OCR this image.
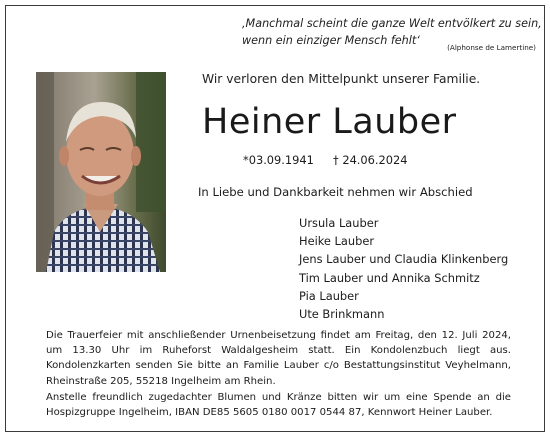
‚Manchmal scheint die ganze Welt entvölkert zu sein,
wenn ein einziger Mensch fehlt‘
(Alphonse de Lamertine)
Wir verloren den Mittelpunkt unserer Familie.
Heiner Lauber
*03.09.1941 † 24.06.2024
In Liebe und Dankbarkeit nehmen wir Abschied
Ursula Lauber
Heike Lauber
Jens Lauber und Claudia Klinkenberg
Tim Lauber und Annika Schmitz
Pia Lauber
Ute Brinkmann

Die Trauerfeier mit anschließender Urnenbeisetzung findet am Freitag, den 12. Juli 2024, um 13.30 Uhr im Ruheforst Waldalgesheim statt. Ein Kondolenzbuch liegt aus. Kondolenzkarten senden Sie bitte an Familie Lauber c/o Bestattungsinstitut Veyhelmann, Rheinstraße 205, 55218 Ingelheim am Rhein.

Anstelle freundlich zugedachter Blumen und Kränze bitten wir um eine Spende an die Hospizgruppe Ingelheim, IBAN DE85 5605 0180 0017 0544 87, Kennwort Heiner Lauber.
